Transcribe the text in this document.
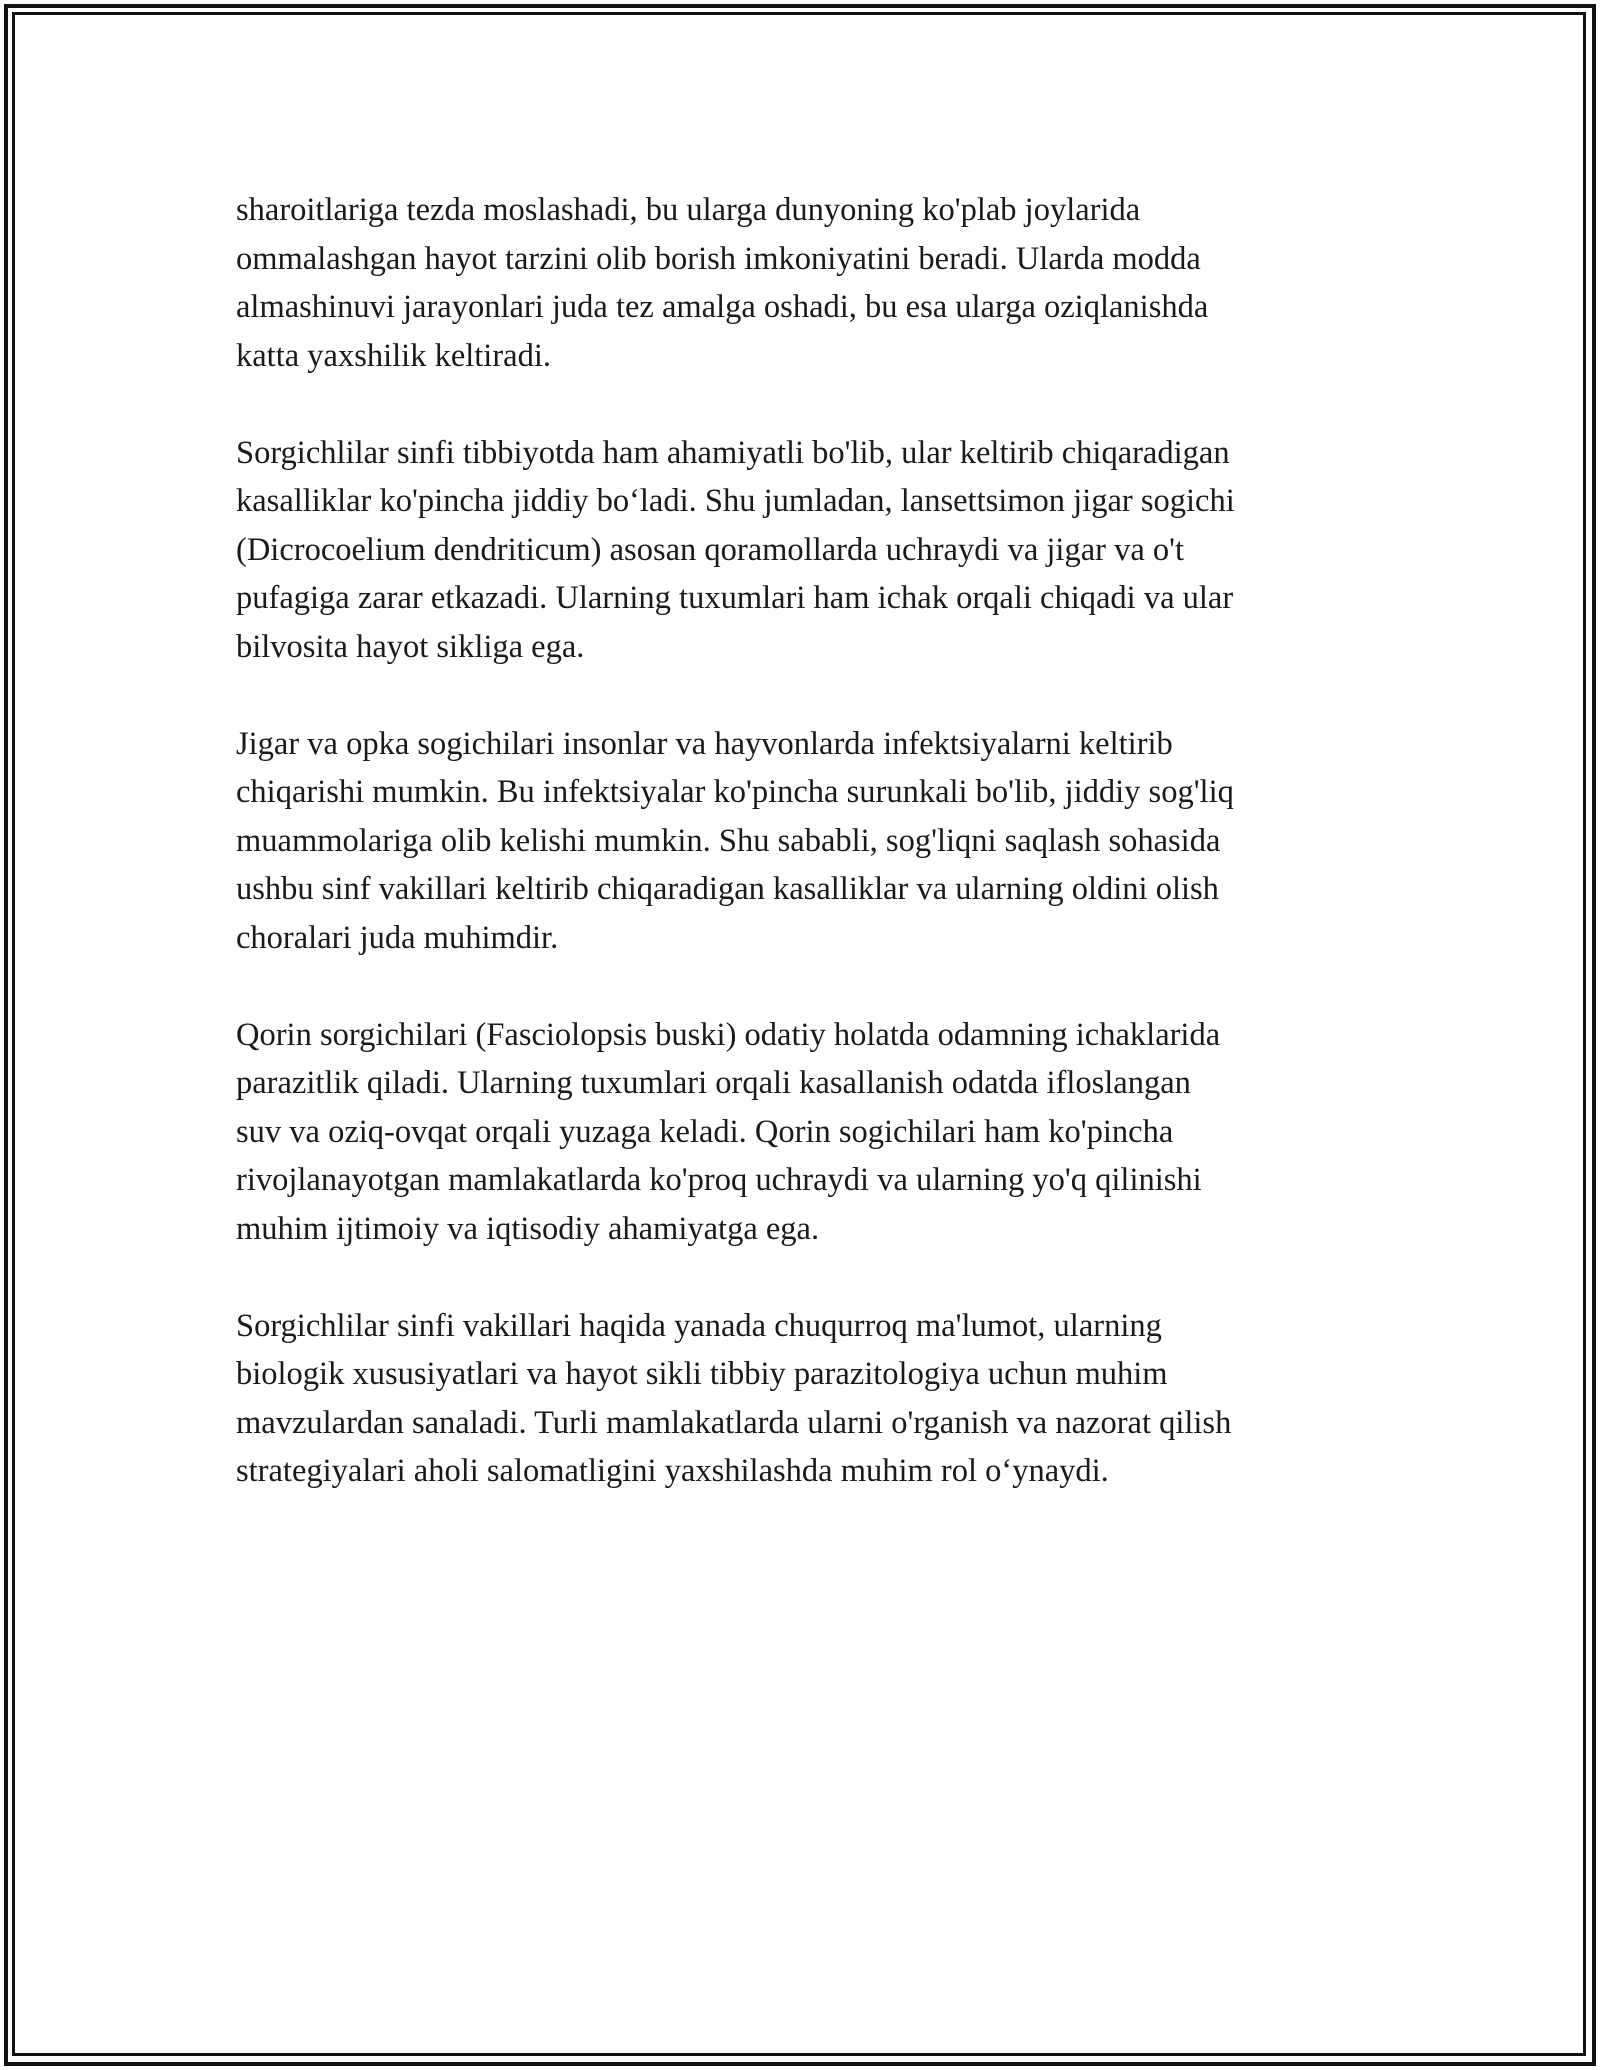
sharoitlariga tezda moslashadi, bu ularga dunyoning ko'plab joylarida
ommalashgan hayot tarzini olib borish imkoniyatini beradi. Ularda modda
almashinuvi jarayonlari juda tez amalga oshadi, bu esa ularga oziqlanishda
katta yaxshilik keltiradi.

Sorgichlilar sinfi tibbiyotda ham ahamiyatli bo'lib, ular keltirib chiqaradigan
kasalliklar ko'pincha jiddiy bo‘ladi. Shu jumladan, lansettsimon jigar sogichi
(Dicrocoelium dendriticum) asosan qoramollarda uchraydi va jigar va o't
pufagiga zarar etkazadi. Ularning tuxumlari ham ichak orqali chiqadi va ular
bilvosita hayot sikliga ega.

Jigar va opka sogichilari insonlar va hayvonlarda infektsiyalarni keltirib
chiqarishi mumkin. Bu infektsiyalar ko'pincha surunkali bo'lib, jiddiy sog'liq
muammolariga olib kelishi mumkin. Shu sababli, sog'liqni saqlash sohasida
ushbu sinf vakillari keltirib chiqaradigan kasalliklar va ularning oldini olish
choralari juda muhimdir.

Qorin sorgichilari (Fasciolopsis buski) odatiy holatda odamning ichaklarida
parazitlik qiladi. Ularning tuxumlari orqali kasallanish odatda ifloslangan
suv va oziq-ovqat orqali yuzaga keladi. Qorin sogichilari ham ko'pincha
rivojlanayotgan mamlakatlarda ko'proq uchraydi va ularning yo'q qilinishi
muhim ijtimoiy va iqtisodiy ahamiyatga ega.

Sorgichlilar sinfi vakillari haqida yanada chuqurroq ma'lumot, ularning
biologik xususiyatlari va hayot sikli tibbiy parazitologiya uchun muhim
mavzulardan sanaladi. Turli mamlakatlarda ularni o'rganish va nazorat qilish
strategiyalari aholi salomatligini yaxshilashda muhim rol o‘ynaydi.
